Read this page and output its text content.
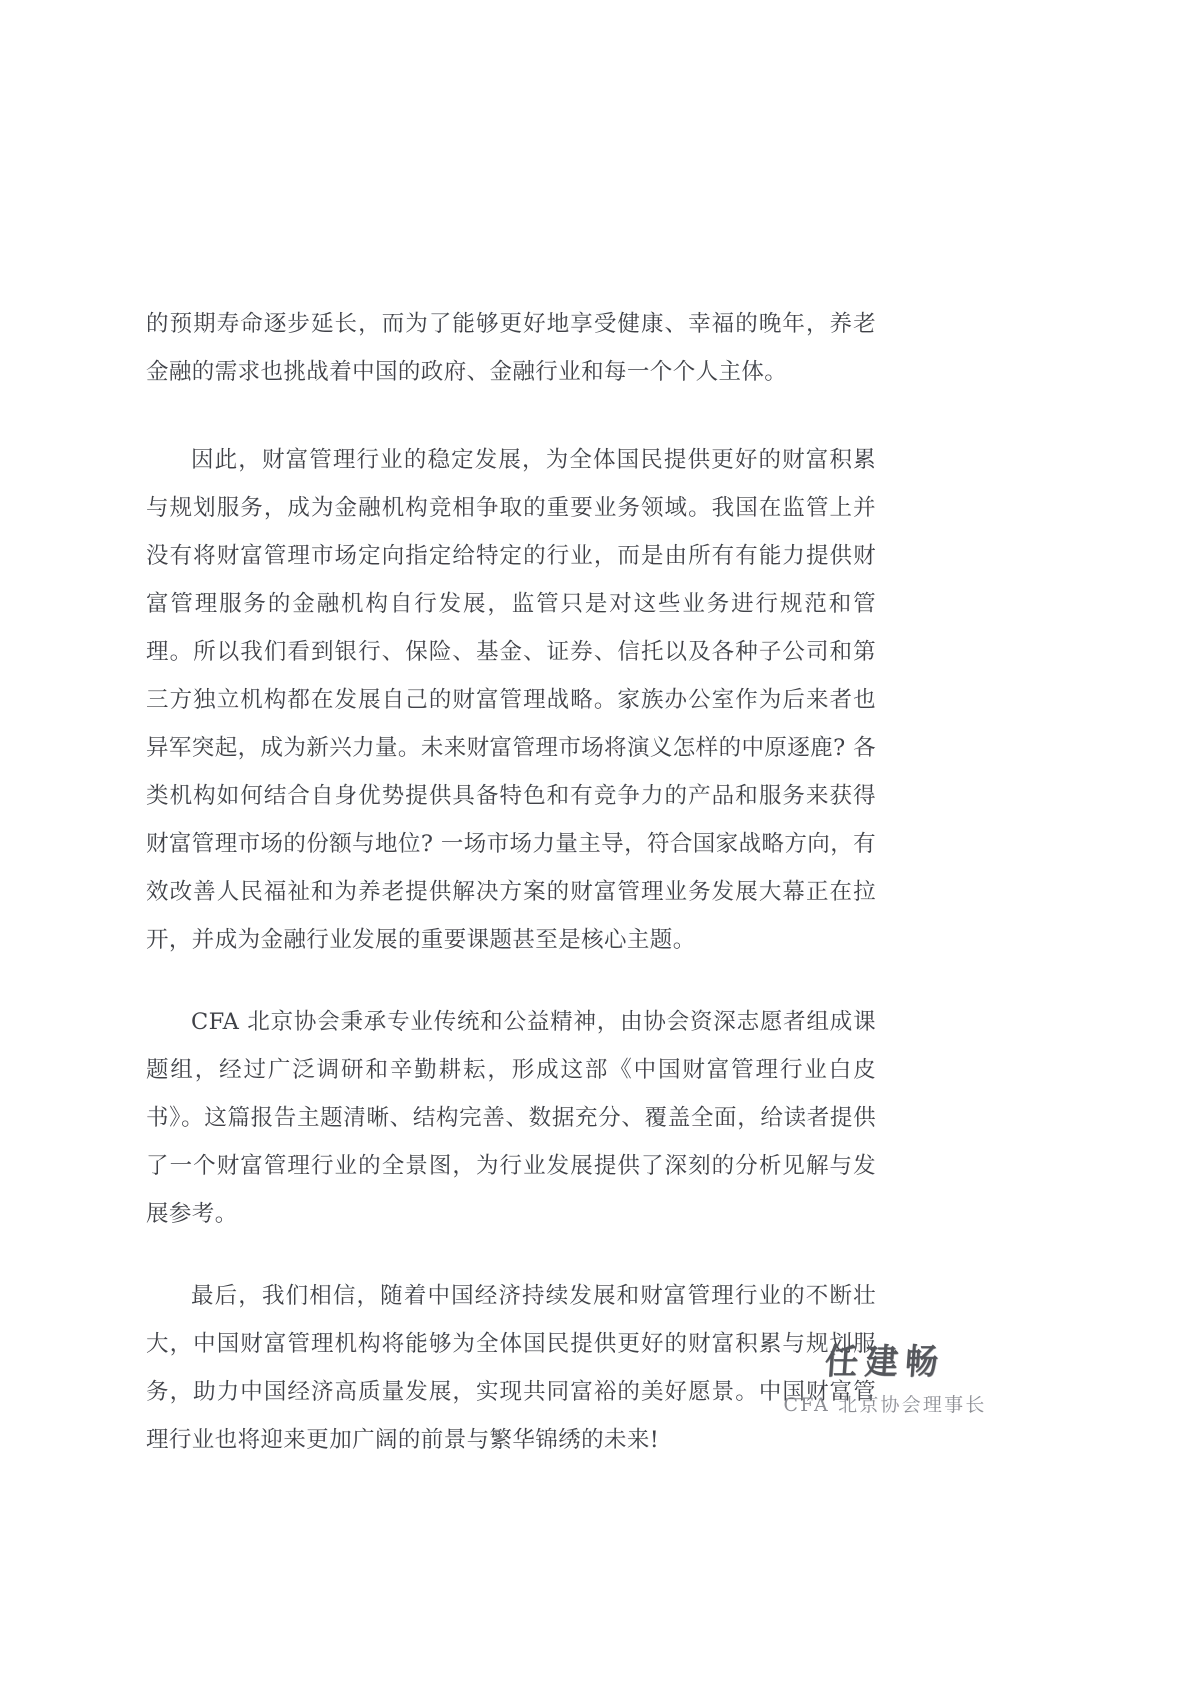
的预期寿命逐步延长，而为了能够更好地享受健康、幸福的晚年，养老金融的需求也挑战着中国的政府、金融行业和每一个个人主体。

因此，财富管理行业的稳定发展，为全体国民提供更好的财富积累与规划服务，成为金融机构竞相争取的重要业务领域。我国在监管上并没有将财富管理市场定向指定给特定的行业，而是由所有有能力提供财富管理服务的金融机构自行发展，监管只是对这些业务进行规范和管理。所以我们看到银行、保险、基金、证券、信托以及各种子公司和第三方独立机构都在发展自己的财富管理战略。家族办公室作为后来者也异军突起，成为新兴力量。未来财富管理市场将演义怎样的中原逐鹿? 各类机构如何结合自身优势提供具备特色和有竞争力的产品和服务来获得财富管理市场的份额与地位? 一场市场力量主导，符合国家战略方向，有效改善人民福祉和为养老提供解决方案的财富管理业务发展大幕正在拉开，并成为金融行业发展的重要课题甚至是核心主题。

CFA 北京协会秉承专业传统和公益精神，由协会资深志愿者组成课题组，经过广泛调研和辛勤耕耘，形成这部《中国财富管理行业白皮书》。这篇报告主题清晰、结构完善、数据充分、覆盖全面，给读者提供了一个财富管理行业的全景图，为行业发展提供了深刻的分析见解与发展参考。

最后，我们相信，随着中国经济持续发展和财富管理行业的不断壮大，中国财富管理机构将能够为全体国民提供更好的财富积累与规划服务，助力中国经济高质量发展，实现共同富裕的美好愿景。中国财富管理行业也将迎来更加广阔的前景与繁华锦绣的未来!

任建畅
CFA 北京协会理事长
